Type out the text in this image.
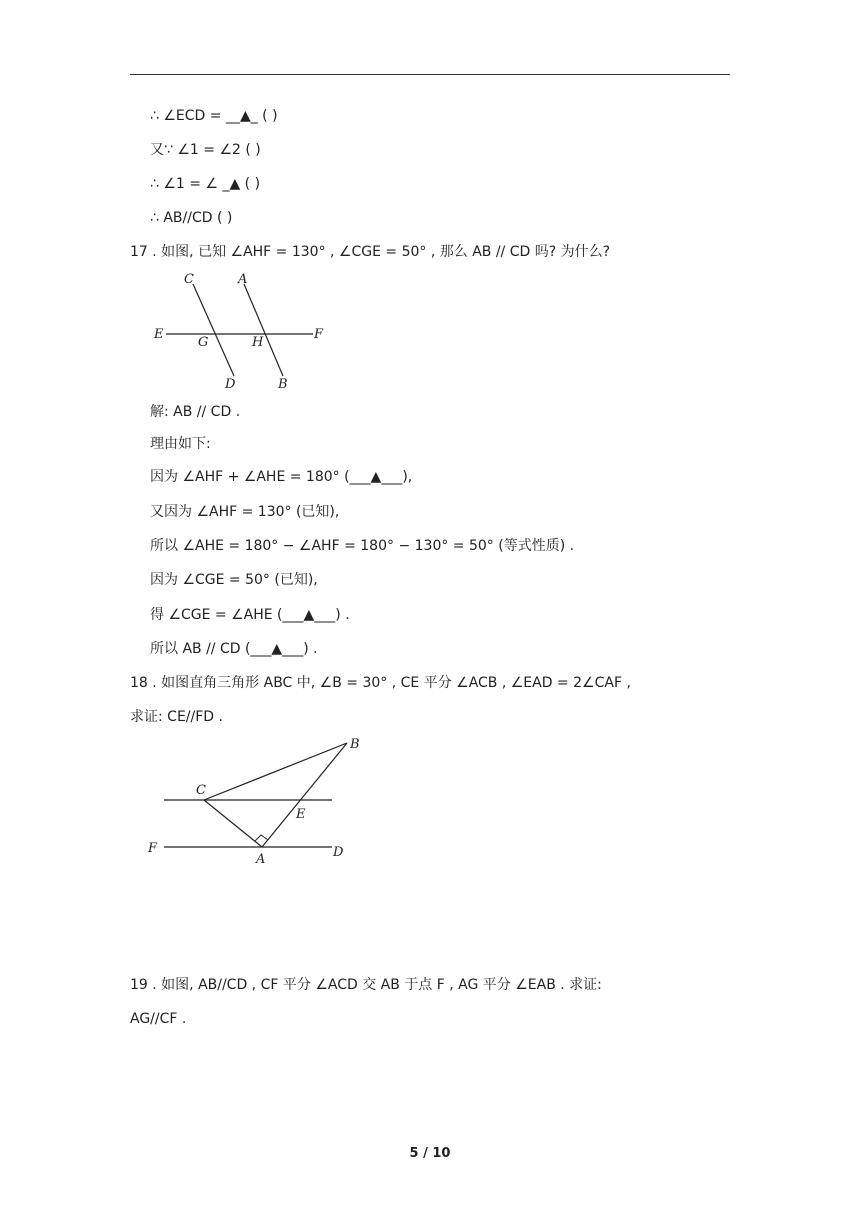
∴ ∠ECD = __▲_ ( )
又∵ ∠1 = ∠2 ( )
∴ ∠1 = ∠ _▲ ( )
∴ AB//CD ( )
17 . 如图, 已知 ∠AHF = 130° , ∠CGE = 50° , 那么 AB // CD 吗? 为什么?
C	A
E
G	H
F
D	B
解: AB // CD .
理由如下:
因为 ∠AHF + ∠AHE = 180° (___▲___),
又因为 ∠AHF = 130° (已知),
所以 ∠AHE = 180° − ∠AHF = 180° − 130° = 50° (等式性质) .
因为 ∠CGE = 50° (已知),
得 ∠CGE = ∠AHE (___▲___) .
所以 AB // CD (___▲___) .
18 . 如图直角三角形 ABC 中, ∠B = 30° , CE 平分 ∠ACB , ∠EAD = 2∠CAF ,
求证: CE//FD .
B
C
E
F
A	D
19 . 如图, AB//CD , CF 平分 ∠ACD 交 AB 于点 F , AG 平分 ∠EAB . 求证:
AG//CF .
5 / 10
